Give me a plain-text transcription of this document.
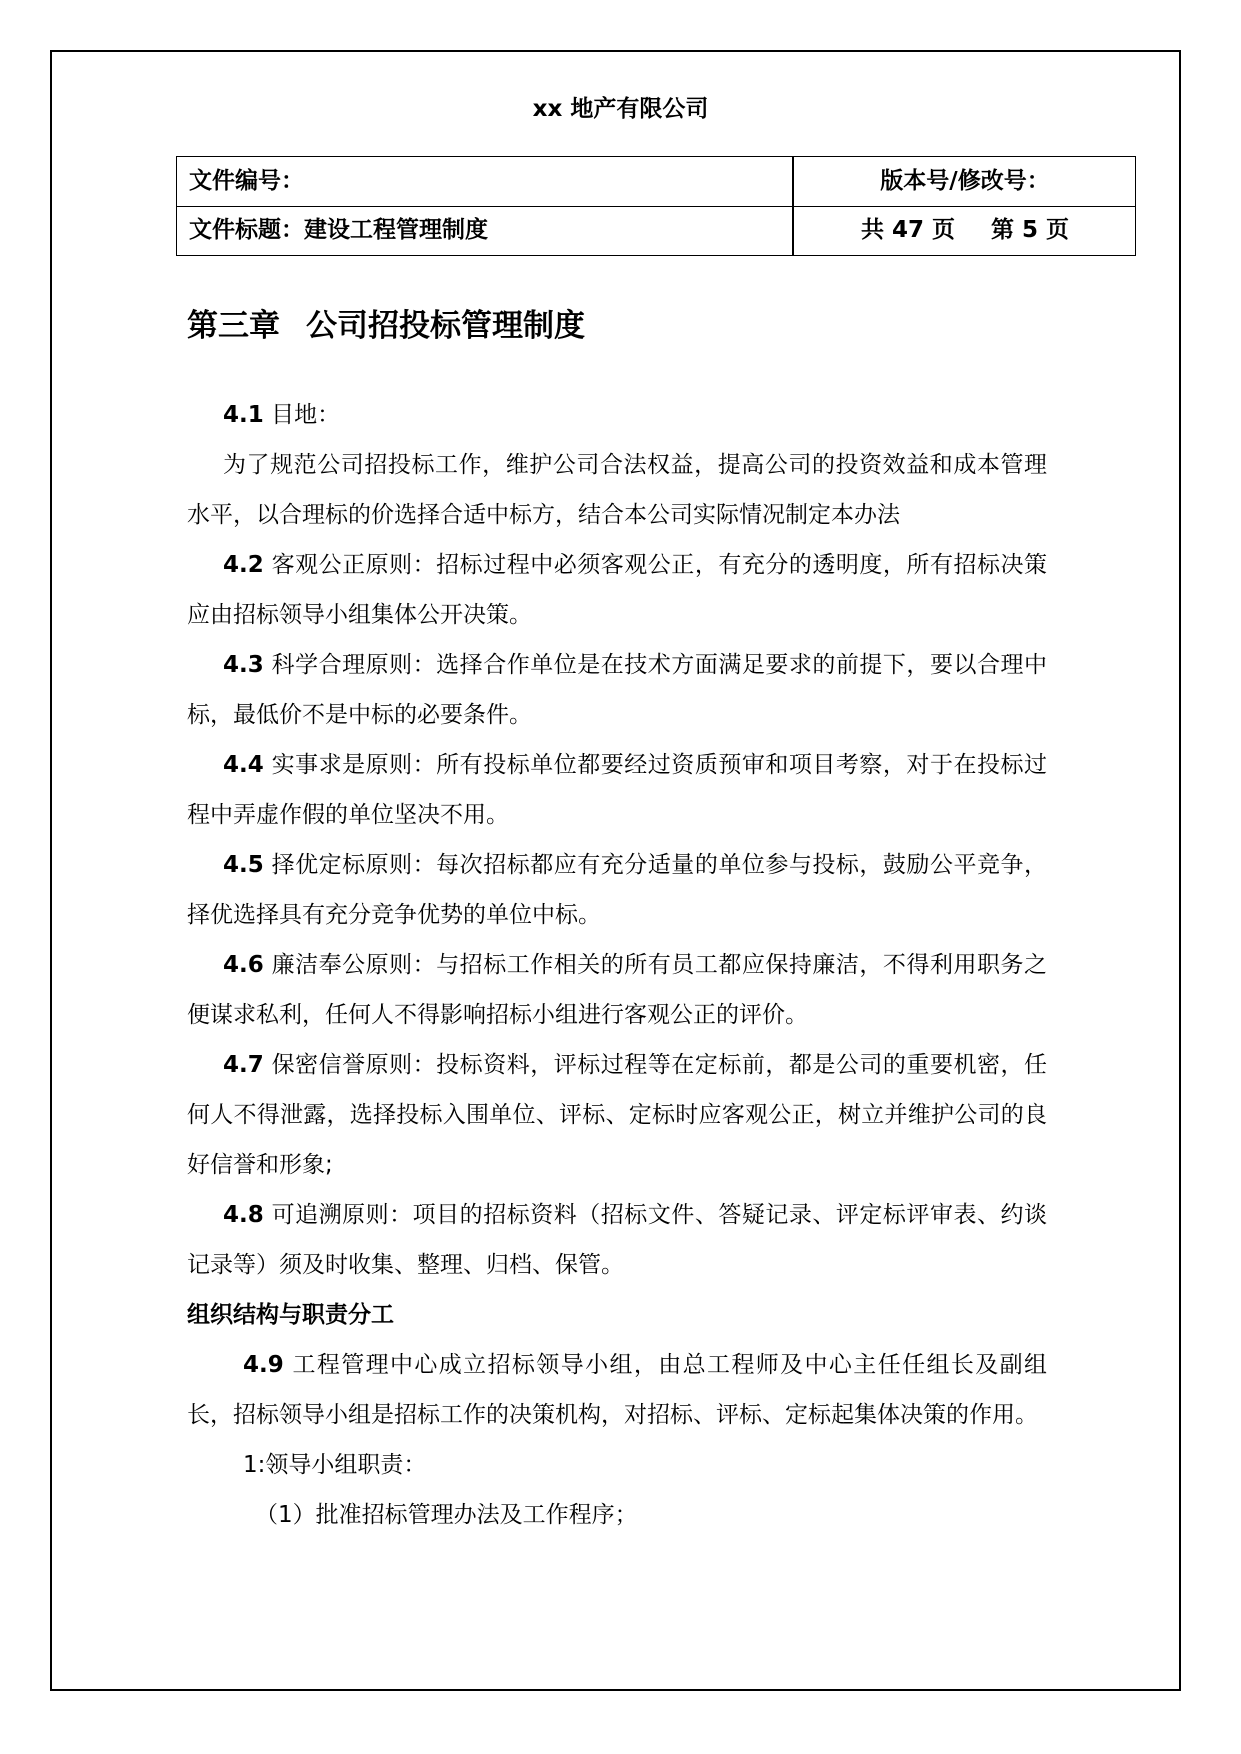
xx 地产有限公司
文件编号：	版本号/修改号：
文件标题：建设工程管理制度	共 47 页 第 5 页
第三章 公司招投标管理制度

4.1 目地：

为了规范公司招投标工作，维护公司合法权益，提高公司的投资效益和成本管理水平，以合理标的价选择合适中标方，结合本公司实际情况制定本办法

4.2 客观公正原则：招标过程中必须客观公正，有充分的透明度，所有招标决策应由招标领导小组集体公开决策。

4.3 科学合理原则：选择合作单位是在技术方面满足要求的前提下，要以合理中标，最低价不是中标的必要条件。

4.4 实事求是原则：所有投标单位都要经过资质预审和项目考察，对于在投标过程中弄虚作假的单位坚决不用。

4.5 择优定标原则：每次招标都应有充分适量的单位参与投标，鼓励公平竞争，择优选择具有充分竞争优势的单位中标。

4.6 廉洁奉公原则：与招标工作相关的所有员工都应保持廉洁，不得利用职务之便谋求私利，任何人不得影响招标小组进行客观公正的评价。

4.7 保密信誉原则：投标资料，评标过程等在定标前，都是公司的重要机密，任何人不得泄露，选择投标入围单位、评标、定标时应客观公正，树立并维护公司的良好信誉和形象;

4.8 可追溯原则：项目的招标资料（招标文件、答疑记录、评定标评审表、约谈记录等）须及时收集、整理、归档、保管。

组织结构与职责分工

4.9 工程管理中心成立招标领导小组，由总工程师及中心主任任组长及副组长，招标领导小组是招标工作的决策机构，对招标、评标、定标起集体决策的作用。

1:领导小组职责：

（1）批准招标管理办法及工作程序；
